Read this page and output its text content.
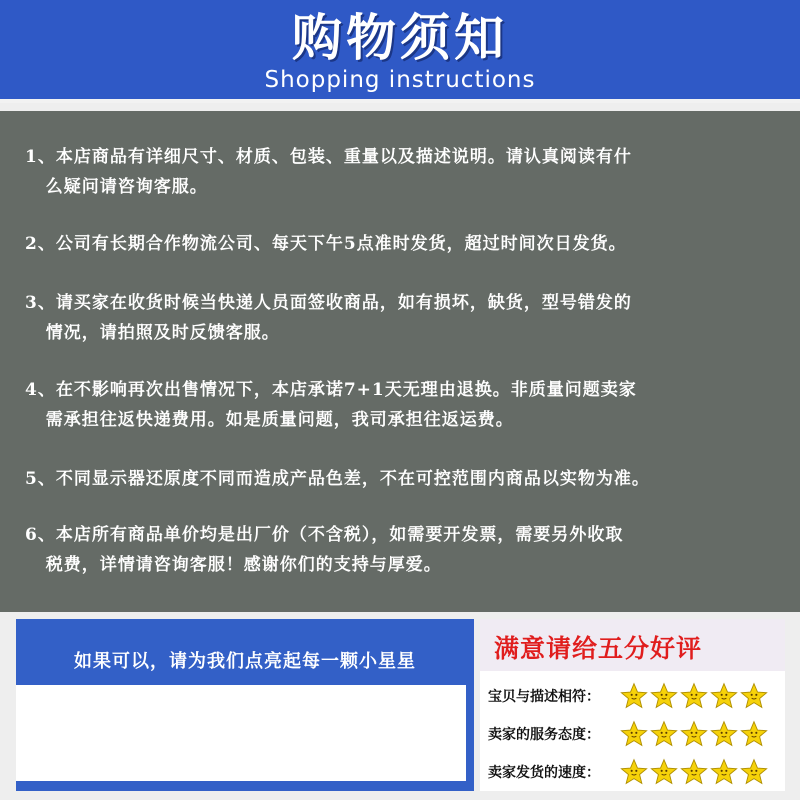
购物须知
Shopping instructions
1、本店商品有详细尺寸、材质、包装、重量以及描述说明。请认真阅读有什
么疑问请咨询客服。
2、公司有长期合作物流公司、每天下午5点准时发货，超过时间次日发货。
3、请买家在收货时候当快递人员面签收商品，如有损坏，缺货，型号错发的
情况，请拍照及时反馈客服。
4、在不影响再次出售情况下，本店承诺7+1天无理由退换。非质量问题卖家
需承担往返快递费用。如是质量问题，我司承担往返运费。
5、不同显示器还原度不同而造成产品色差，不在可控范围内商品以实物为准。
6、本店所有商品单价均是出厂价（不含税），如需要开发票，需要另外收取
税费，详情请咨询客服！感谢你们的支持与厚爱。
如果可以，请为我们点亮起每一颗小星星
如果我们有任何需要改进的地方，请及时与我们联系，我们
会竭尽全力做到您满意为止。如果可以，请为我们亮起每一
颗小星星，我们需要您的支持和鼓励！喜团圆会在您的帮助
下成长进步，美好值得期待，我们一起向前……
满意请给五分好评
宝贝与描述相符：
卖家的服务态度：
卖家发货的速度：
